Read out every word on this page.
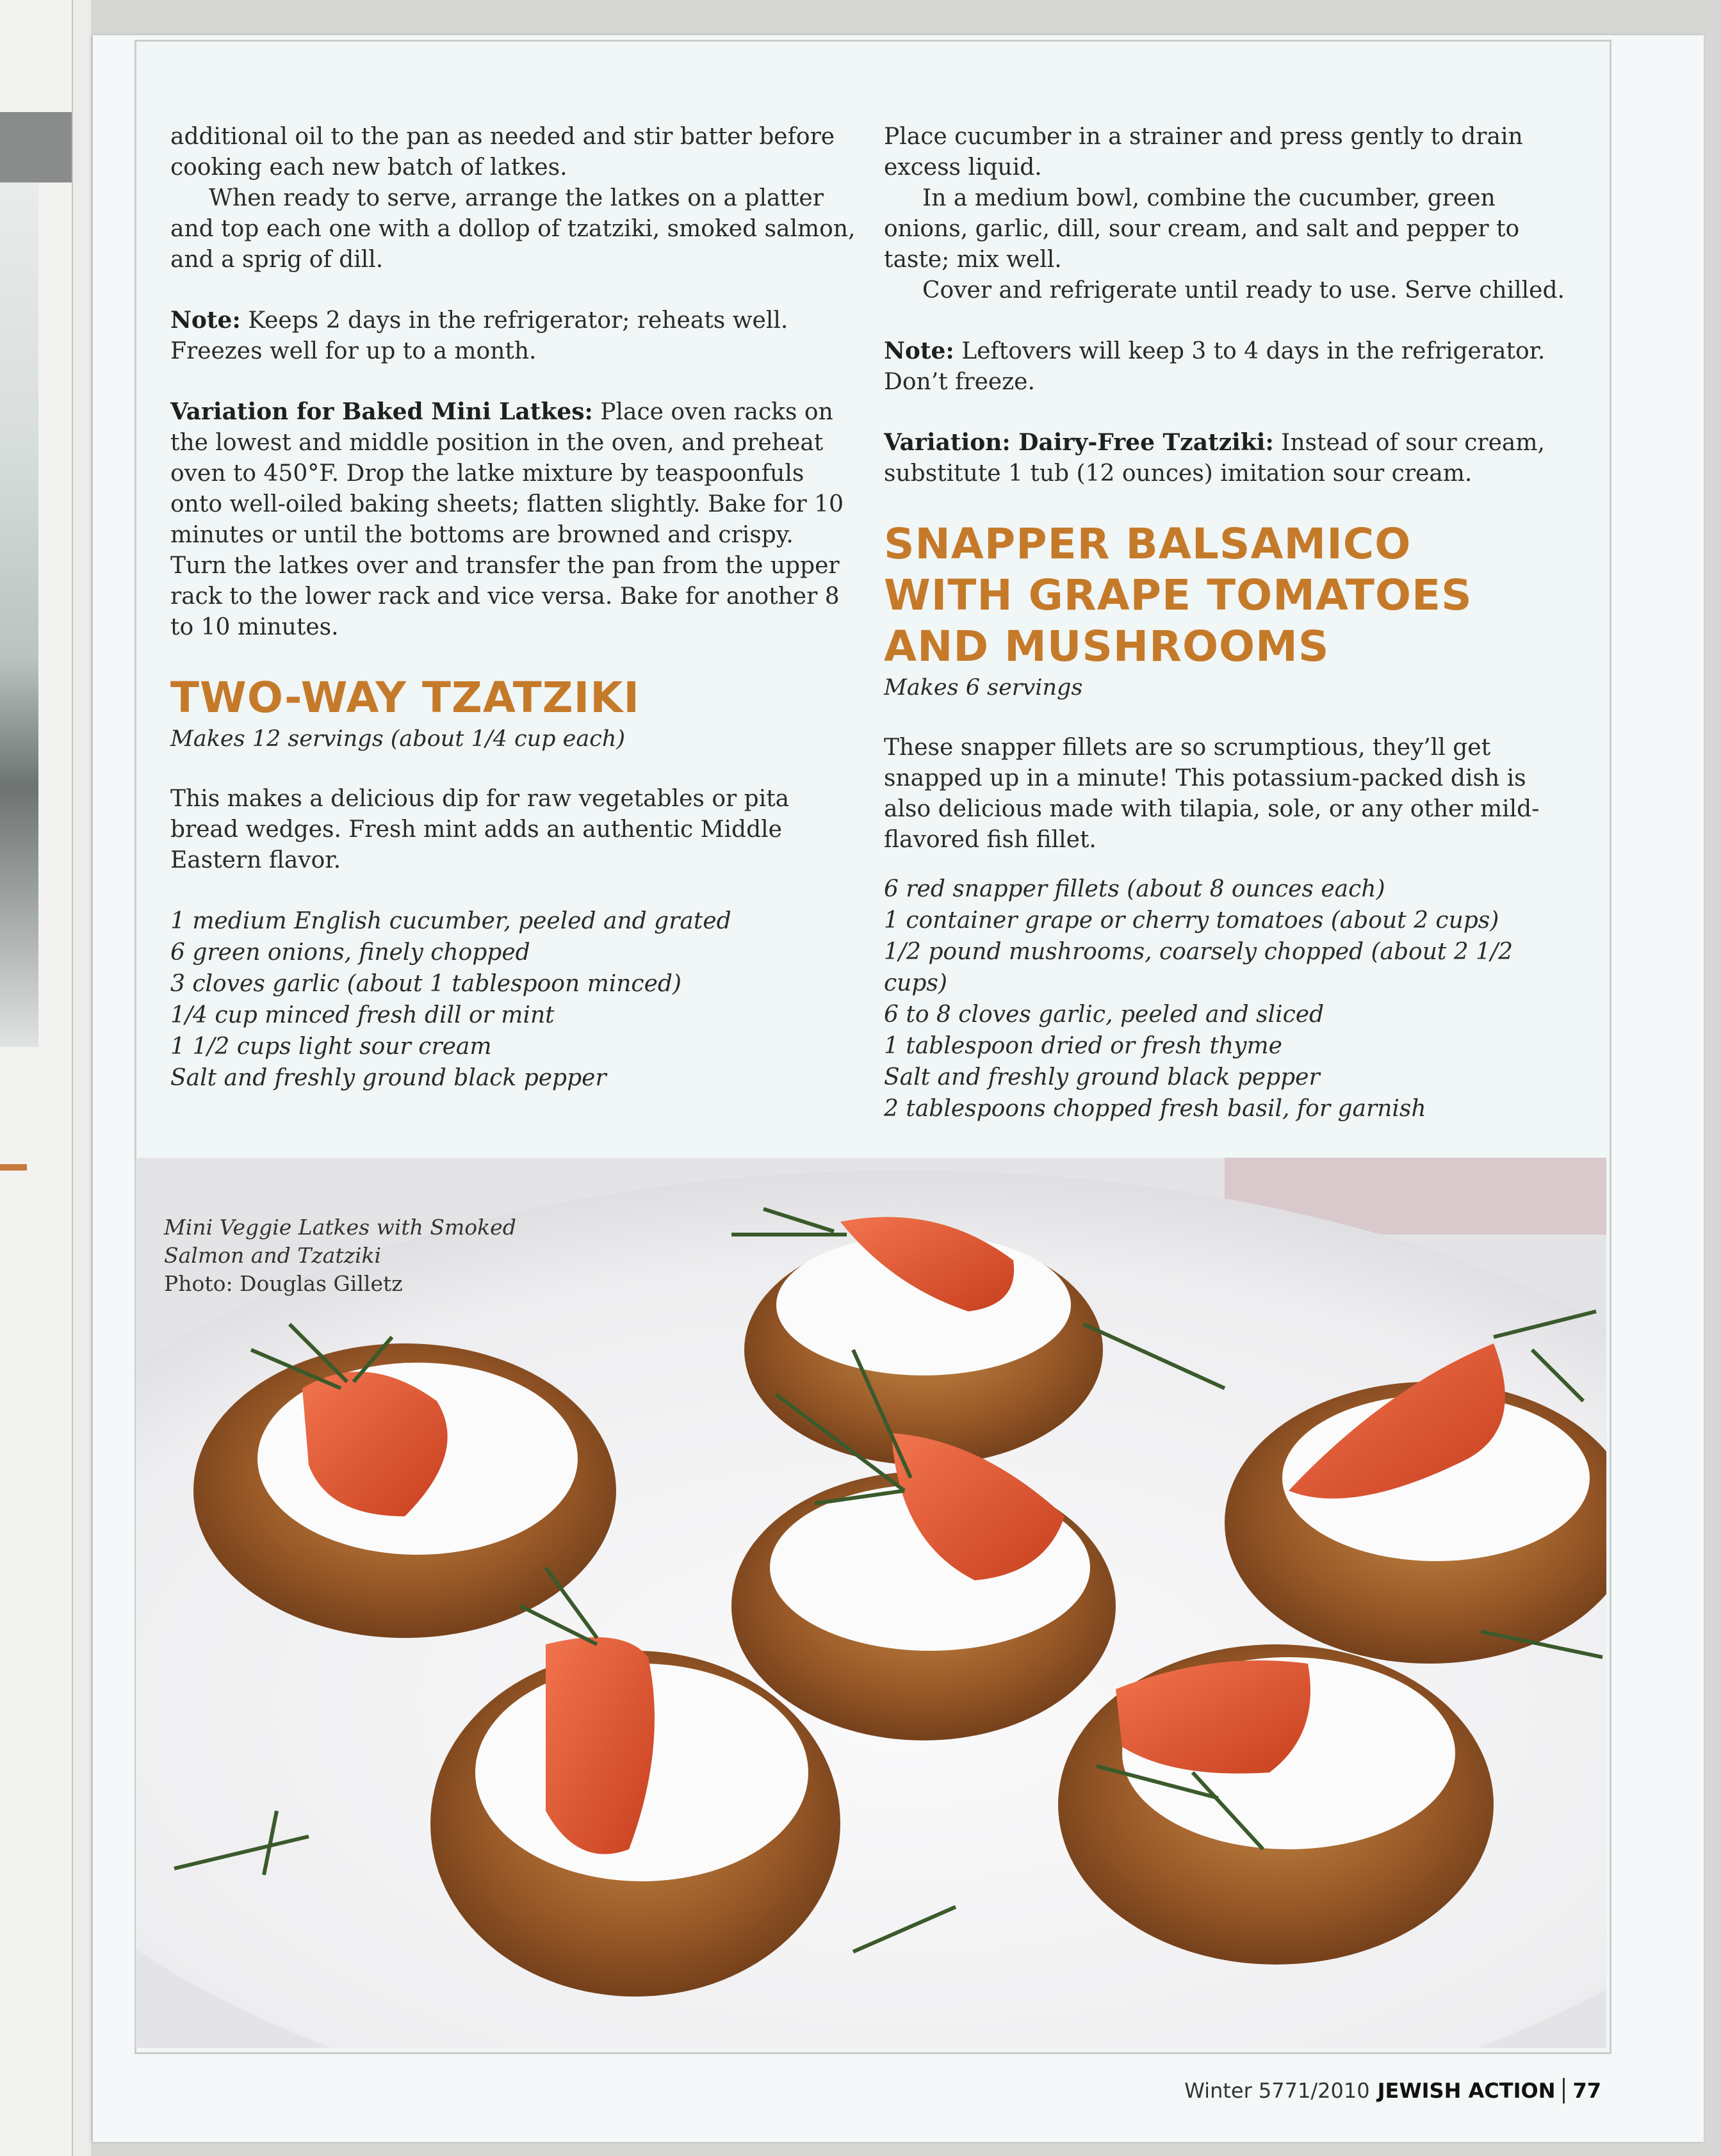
additional oil to the pan as needed and stir batter before cooking each new batch of latkes.

When ready to serve, arrange the latkes on a platter and top each one with a dollop of tzatziki, smoked salmon, and a sprig of dill.

Note: Keeps 2 days in the refrigerator; reheats well. Freezes well for up to a month.

Variation for Baked Mini Latkes: Place oven racks on the lowest and middle position in the oven, and preheat oven to 450°F. Drop the latke mixture by teaspoonfuls onto well-oiled baking sheets; flatten slightly. Bake for 10 minutes or until the bottoms are browned and crispy. Turn the latkes over and transfer the pan from the upper rack to the lower rack and vice versa. Bake for another 8 to 10 minutes.

TWO-WAY TZATZIKI

Makes 12 servings (about 1/4 cup each)

This makes a delicious dip for raw vegetables or pita bread wedges. Fresh mint adds an authentic Middle Eastern flavor.

1 medium English cucumber, peeled and grated
6 green onions, finely chopped
3 cloves garlic (about 1 tablespoon minced)
1/4 cup minced fresh dill or mint
1 1/2 cups light sour cream
Salt and freshly ground black pepper

Place cucumber in a strainer and press gently to drain excess liquid.

In a medium bowl, combine the cucumber, green onions, garlic, dill, sour cream, and salt and pepper to taste; mix well.

Cover and refrigerate until ready to use. Serve chilled.

Note: Leftovers will keep 3 to 4 days in the refrigerator. Don’t freeze.

Variation: Dairy-Free Tzatziki: Instead of sour cream, substitute 1 tub (12 ounces) imitation sour cream.

SNAPPER BALSAMICO
WITH GRAPE TOMATOES
AND MUSHROOMS

Makes 6 servings

These snapper fillets are so scrumptious, they’ll get snapped up in a minute! This potassium-packed dish is also delicious made with tilapia, sole, or any other mild-flavored fish fillet.

6 red snapper fillets (about 8 ounces each)
1 container grape or cherry tomatoes (about 2 cups)
1/2 pound mushrooms, coarsely chopped (about 2 1/2 cups)
6 to 8 cloves garlic, peeled and sliced
1 tablespoon dried or fresh thyme
Salt and freshly ground black pepper
2 tablespoons chopped fresh basil, for garnish
Mini Veggie Latkes with Smoked
Salmon and Tzatziki
Photo: Douglas Gilletz
Winter 5771/2010 JEWISH ACTION 77
